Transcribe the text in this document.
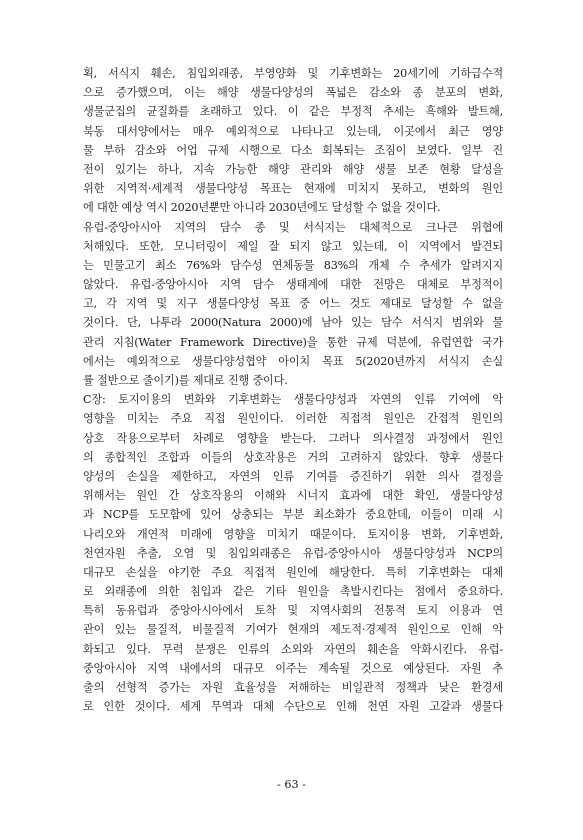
획, 서식지 훼손, 침입외래종, 부영양화 및 기후변화는 20세기에 기하급수적
으로 증가했으며, 이는 해양 생물다양성의 폭넓은 감소와 종 분포의 변화,
생물군집의 균질화를 초래하고 있다. 이 같은 부정적 추세는 흑해와 발트해,
북동 대서양에서는 매우 예외적으로 나타나고 있는데, 이곳에서 최근 영양
물 부하 감소와 어업 규제 시행으로 다소 회복되는 조짐이 보였다. 일부 진
전이 있기는 하나, 지속 가능한 해양 관리와 해양 생물 보존 현황 달성을
위한 지역적·세계적 생물다양성 목표는 현재에 미치지 못하고, 변화의 원인
에 대한 예상 역시 2020년뿐만 아니라 2030년에도 달성할 수 없을 것이다.
유럽-중앙아시아 지역의 담수 종 및 서식지는 대체적으로 크나큰 위협에
처해있다. 또한, 모니터링이 제일 잘 되지 않고 있는데, 이 지역에서 발견되
는 민물고기 최소 76%와 담수성 연체동물 83%의 개체 수 추세가 알려지지
않았다. 유럽-중앙아시아 지역 담수 생태계에 대한 전망은 대체로 부정적이
고, 각 지역 및 지구 생물다양성 목표 중 어느 것도 제대로 달성할 수 없을
것이다. 단, 나투라 2000(Natura 2000)에 남아 있는 담수 서식지 범위와 물
관리 지침(Water Framework Directive)을 통한 규제 덕분에, 유럽연합 국가
에서는 예외적으로 생물다양성협약 아이치 목표 5(2020년까지 서식지 손실
률 절반으로 줄이기)를 제대로 진행 중이다.
C장: 토지이용의 변화와 기후변화는 생물다양성과 자연의 인류 기여에 악
영향을 미치는 주요 직접 원인이다. 이러한 직접적 원인은 간접적 원인의
상호 작용으로부터 차례로 영향을 받는다. 그러나 의사결정 과정에서 원인
의 종합적인 조합과 이들의 상호작용은 거의 고려하지 않았다. 향후 생물다
양성의 손실을 제한하고, 자연의 인류 기여를 증진하기 위한 의사 결정을
위해서는 원인 간 상호작용의 이해와 시너지 효과에 대한 확인, 생물다양성
과 NCP를 도모함에 있어 상충되는 부분 최소화가 중요한데, 이들이 미래 시
나리오와 개연적 미래에 영향을 미치기 때문이다. 토지이용 변화, 기후변화,
천연자원 추출, 오염 및 침입외래종은 유럽-중앙아시아 생물다양성과 NCP의
대규모 손실을 야기한 주요 직접적 원인에 해당한다. 특히 기후변화는 대체
로 외래종에 의한 침입과 같은 기타 원인을 촉발시킨다는 점에서 중요하다.
특히 동유럽과 중앙아시아에서 토착 및 지역사회의 전통적 토지 이용과 연
관이 있는 물질적, 비물질적 기여가 현재의 제도적·경제적 원인으로 인해 악
화되고 있다. 무력 분쟁은 인류의 소외와 자연의 훼손을 악화시킨다. 유럽-
중앙아시아 지역 내에서의 대규모 이주는 계속될 것으로 예상된다. 자원 추
출의 선형적 증가는 자원 효율성을 저해하는 비일관적 정책과 낮은 환경세
로 인한 것이다. 세계 무역과 대체 수단으로 인해 천연 자원 고갈과 생물다
- 63 -
